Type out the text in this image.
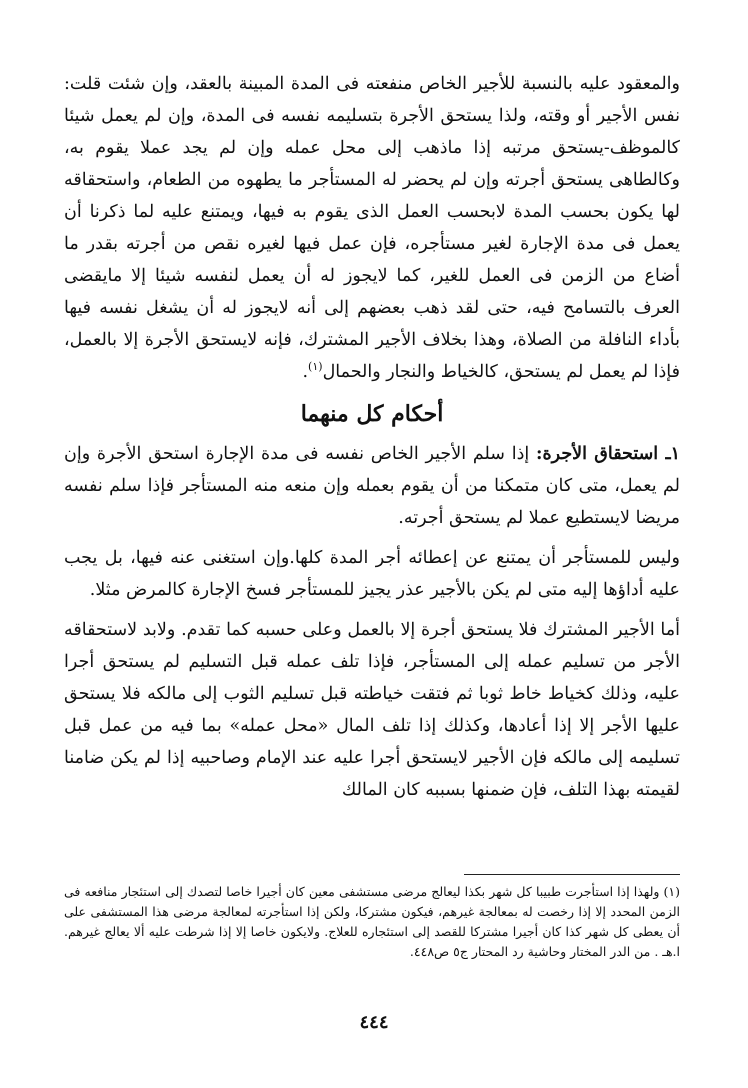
والمعقود عليه بالنسبة للأجير الخاص منفعته فى المدة المبينة بالعقد، وإن شئت قلت: نفس الأجير أو وقته، ولذا يستحق الأجرة بتسليمه نفسه فى المدة، وإن لم يعمل شيئا كالموظف-يستحق مرتبه إذا ماذهب إلى محل عمله وإن لم يجد عملا يقوم به، وكالطاهى يستحق أجرته وإن لم يحضر له المستأجر ما يطهوه من الطعام، واستحقاقه لها يكون بحسب المدة لابحسب العمل الذى يقوم به فيها، ويمتنع عليه لما ذكرنا أن يعمل فى مدة الإجارة لغير مستأجره، فإن عمل فيها لغيره نقص من أجرته بقدر ما أضاع من الزمن فى العمل للغير، كما لايجوز له أن يعمل لنفسه شيئا إلا مايقضى العرف بالتسامح فيه، حتى لقد ذهب بعضهم إلى أنه لايجوز له أن يشغل نفسه فيها بأداء النافلة من الصلاة، وهذا بخلاف الأجير المشترك، فإنه لايستحق الأجرة إلا بالعمل، فإذا لم يعمل لم يستحق، كالخياط والنجار والحمال$^{(١)}$.

أحكام كل منهما

١ـ استحقاق الأجرة: إذا سلم الأجير الخاص نفسه فى مدة الإجارة استحق الأجرة وإن لم يعمل، متى كان متمكنا من أن يقوم بعمله وإن منعه منه المستأجر فإذا سلم نفسه مريضا لايستطيع عملا لم يستحق أجرته.

وليس للمستأجر أن يمتنع عن إعطائه أجر المدة كلها.وإن استغنى عنه فيها، بل يجب عليه أداؤها إليه متى لم يكن بالأجير عذر يجيز للمستأجر فسخ الإجارة كالمرض مثلا.

أما الأجير المشترك فلا يستحق أجرة إلا بالعمل وعلى حسبه كما تقدم. ولابد لاستحقاقه الأجر من تسليم عمله إلى المستأجر، فإذا تلف عمله قبل التسليم لم يستحق أجرا عليه، وذلك كخياط خاط ثوبا ثم فتقت خياطته قبل تسليم الثوب إلى مالكه فلا يستحق عليها الأجر إلا إذا أعادها، وكذلك إذا تلف المال «محل عمله» بما فيه من عمل قبل تسليمه إلى مالكه فإن الأجير لايستحق أجرا عليه عند الإمام وصاحبيه إذا لم يكن ضامنا لقيمته بهذا التلف، فإن ضمنها بسببه كان المالك

(١) ولهذا إذا استأجرت طبيبا كل شهر بكذا ليعالج مرضى مستشفى معين كان أجيرا خاصا لتصدك إلى استئجار منافعه فى الزمن المحدد إلا إذا رخصت له بمعالجة غيرهم، فيكون مشتركا، ولكن إذا استأجرته لمعالجة مرضى هذا المستشفى على أن يعطى كل شهر كذا كان أجيرا مشتركا للقصد إلى استئجاره للعلاج. ولايكون خاصا إلا إذا شرطت عليه ألا يعالج غيرهم. ا.هـ . من الدر المختار وحاشية رد المحتار ج٥ ص٤٤٨.
٤٤٤
